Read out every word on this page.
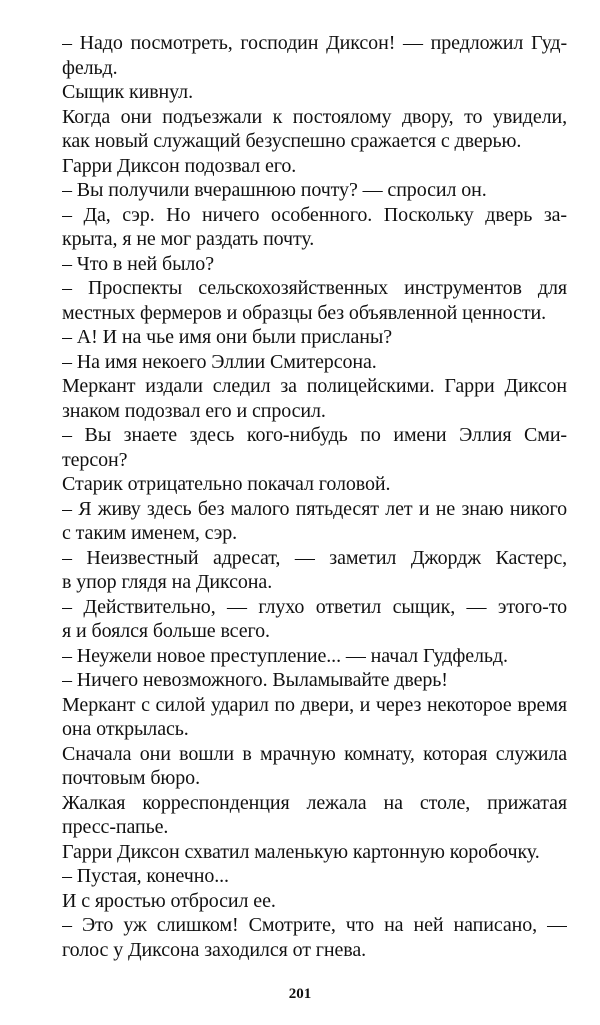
– Надо посмотреть, господин Диксон! — предложил Гуд-
фельд.
Сыщик кивнул.
Когда они подъезжали к постоялому двору, то увидели,
как новый служащий безуспешно сражается с дверью.
Гарри Диксон подозвал его.
– Вы получили вчерашнюю почту? — спросил он.
– Да, сэр. Но ничего особенного. Поскольку дверь за-
крыта, я не мог раздать почту.
– Что в ней было?
– Проспекты сельскохозяйственных инструментов для
местных фермеров и образцы без объявленной ценности.
– А! И на чье имя они были присланы?
– На имя некоего Эллии Смитерсона.
Меркант издали следил за полицейскими. Гарри Диксон
знаком подозвал его и спросил.
– Вы знаете здесь кого-нибудь по имени Эллия Сми-
терсон?
Старик отрицательно покачал головой.
– Я живу здесь без малого пятьдесят лет и не знаю никого
с таким именем, сэр.
– Неизвестный адресат, — заметил Джордж Кастерс,
в упор глядя на Диксона.
– Действительно, — глухо ответил сыщик, — этого-то
я и боялся больше всего.
– Неужели новое преступление... — начал Гудфельд.
– Ничего невозможного. Выламывайте дверь!
Меркант с силой ударил по двери, и через некоторое время
она открылась.
Сначала они вошли в мрачную комнату, которая служила
почтовым бюро.
Жалкая корреспонденция лежала на столе, прижатая
пресс-папье.
Гарри Диксон схватил маленькую картонную коробочку.
– Пустая, конечно...
И с яростью отбросил ее.
– Это уж слишком! Смотрите, что на ней написано, —
голос у Диксона заходился от гнева.
201
